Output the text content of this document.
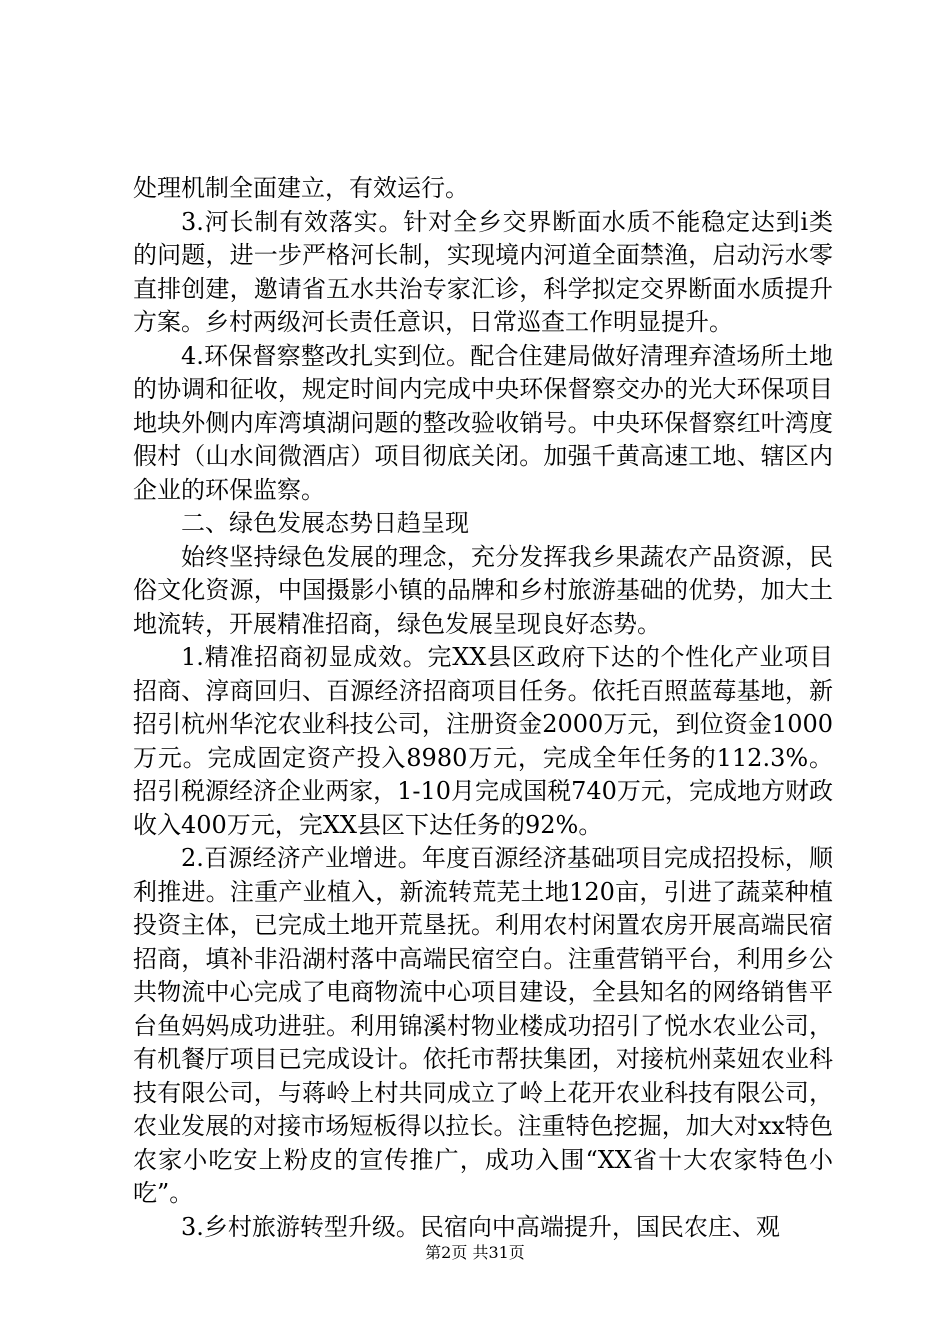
处理机制全面建立，有效运行。

3.河长制有效落实。针对全乡交界断面水质不能稳定达到i类的问题，进一步严格河长制，实现境内河道全面禁渔，启动污水零直排创建，邀请省五水共治专家汇诊，科学拟定交界断面水质提升方案。乡村两级河长责任意识，日常巡查工作明显提升。

4.环保督察整改扎实到位。配合住建局做好清理弃渣场所土地的协调和征收，规定时间内完成中央环保督察交办的光大环保项目地块外侧内库湾填湖问题的整改验收销号。中央环保督察红叶湾度假村（山水间微酒店）项目彻底关闭。加强千黄高速工地、辖区内企业的环保监察。

二、绿色发展态势日趋呈现

始终坚持绿色发展的理念，充分发挥我乡果蔬农产品资源，民俗文化资源，中国摄影小镇的品牌和乡村旅游基础的优势，加大土地流转，开展精准招商，绿色发展呈现良好态势。

1.精准招商初显成效。完XX县区政府下达的个性化产业项目招商、淳商回归、百源经济招商项目任务。依托百照蓝莓基地，新招引杭州华沱农业科技公司，注册资金2000万元，到位资金1000万元。完成固定资产投入8980万元，完成全年任务的112.3%。招引税源经济企业两家，1-10月完成国税740万元，完成地方财政收入400万元，完XX县区下达任务的92%。

2.百源经济产业增进。年度百源经济基础项目完成招投标，顺利推进。注重产业植入，新流转荒芜土地120亩，引进了蔬菜种植投资主体，已完成土地开荒垦抚。利用农村闲置农房开展高端民宿招商，填补非沿湖村落中高端民宿空白。注重营销平台，利用乡公共物流中心完成了电商物流中心项目建设，全县知名的网络销售平台鱼妈妈成功进驻。利用锦溪村物业楼成功招引了悦水农业公司，有机餐厅项目已完成设计。依托市帮扶集团，对接杭州菜妞农业科技有限公司，与蒋岭上村共同成立了岭上花开农业科技有限公司，农业发展的对接市场短板得以拉长。注重特色挖掘，加大对xx特色农家小吃安上粉皮的宣传推广，成功入围“XX省十大农家特色小吃”。

3.乡村旅游转型升级。民宿向中高端提升，国民农庄、观

第2页 共31页
